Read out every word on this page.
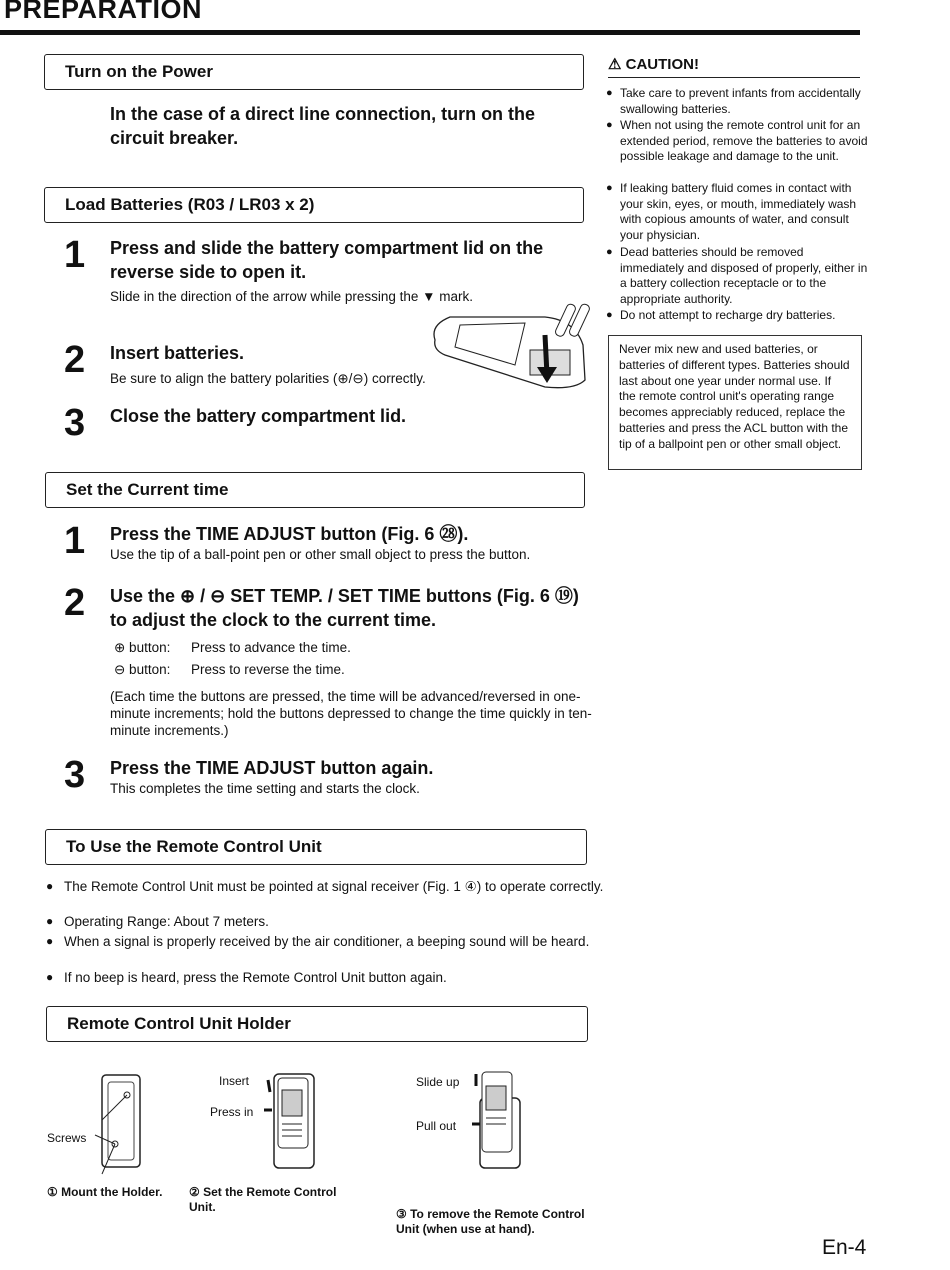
PREPARATION
Turn on the Power
In the case of a direct line connection, turn on the circuit breaker.
Load Batteries (R03 / LR03 x 2)
1 Press and slide the battery compartment lid on the reverse side to open it.
Slide in the direction of the arrow while pressing the ▼ mark.
2 Insert batteries.
Be sure to align the battery polarities (⊕/⊖) correctly.
3 Close the battery compartment lid.
Set the Current time
1 Press the TIME ADJUST button (Fig. 6 ㉘).
Use the tip of a ball-point pen or other small object to press the button.
2 Use the ⊕ / ⊖ SET TEMP. / SET TIME buttons (Fig. 6 ⑲) to adjust the clock to the current time.
⊕ button:	Press to advance the time.
⊖ button:	Press to reverse the time.
(Each time the buttons are pressed, the time will be advanced/reversed in one-minute increments; hold the buttons depressed to change the time quickly in ten-minute increments.)
3 Press the TIME ADJUST button again.
This completes the time setting and starts the clock.
To Use the Remote Control Unit
● The Remote Control Unit must be pointed at signal receiver (Fig. 1 ④) to operate correctly.
● Operating Range: About 7 meters.
● When a signal is properly received by the air conditioner, a beeping sound will be heard.
● If no beep is heard, press the Remote Control Unit button again.
Remote Control Unit Holder
Screws
Insert
Press in
Slide up
Pull out
① Mount the Holder.	② Set the Remote Control Unit.	③ To remove the Remote Control Unit (when use at hand).
⚠ CAUTION!
● Take care to prevent infants from accidentally swallowing batteries.
● When not using the remote control unit for an extended period, remove the batteries to avoid possible leakage and damage to the unit.
● If leaking battery fluid comes in contact with your skin, eyes, or mouth, immediately wash with copious amounts of water, and consult your physician.
● Dead batteries should be removed immediately and disposed of properly, either in a battery collection receptacle or to the appropriate authority.
● Do not attempt to recharge dry batteries.
Never mix new and used batteries, or batteries of different types. Batteries should last about one year under normal use. If the remote control unit's operating range becomes appreciably reduced, replace the batteries and press the ACL button with the tip of a ballpoint pen or other small object.
En-4
